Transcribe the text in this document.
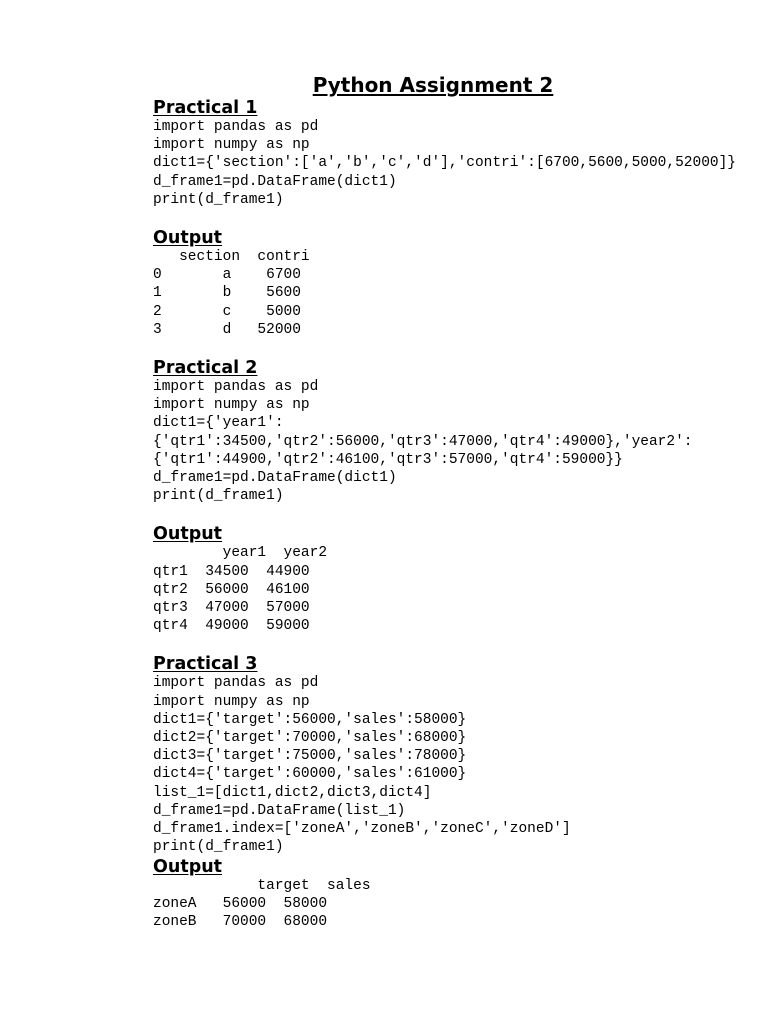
Python Assignment 2
Practical 1
import pandas as pd
import numpy as np
dict1={'section':['a','b','c','d'],'contri':[6700,5600,5000,52000]}
d_frame1=pd.DataFrame(dict1)
print(d_frame1)
Output
section  contri
0       a    6700
1       b    5600
2       c    5000
3       d   52000
Practical 2
import pandas as pd
import numpy as np
dict1={'year1':
{'qtr1':34500,'qtr2':56000,'qtr3':47000,'qtr4':49000},'year2':
{'qtr1':44900,'qtr2':46100,'qtr3':57000,'qtr4':59000}}
d_frame1=pd.DataFrame(dict1)
print(d_frame1)
Output
year1  year2
qtr1  34500  44900
qtr2  56000  46100
qtr3  47000  57000
qtr4  49000  59000
Practical 3
import pandas as pd
import numpy as np
dict1={'target':56000,'sales':58000}
dict2={'target':70000,'sales':68000}
dict3={'target':75000,'sales':78000}
dict4={'target':60000,'sales':61000}
list_1=[dict1,dict2,dict3,dict4]
d_frame1=pd.DataFrame(list_1)
d_frame1.index=['zoneA','zoneB','zoneC','zoneD']
print(d_frame1)
Output
target  sales
zoneA   56000  58000
zoneB   70000  68000
